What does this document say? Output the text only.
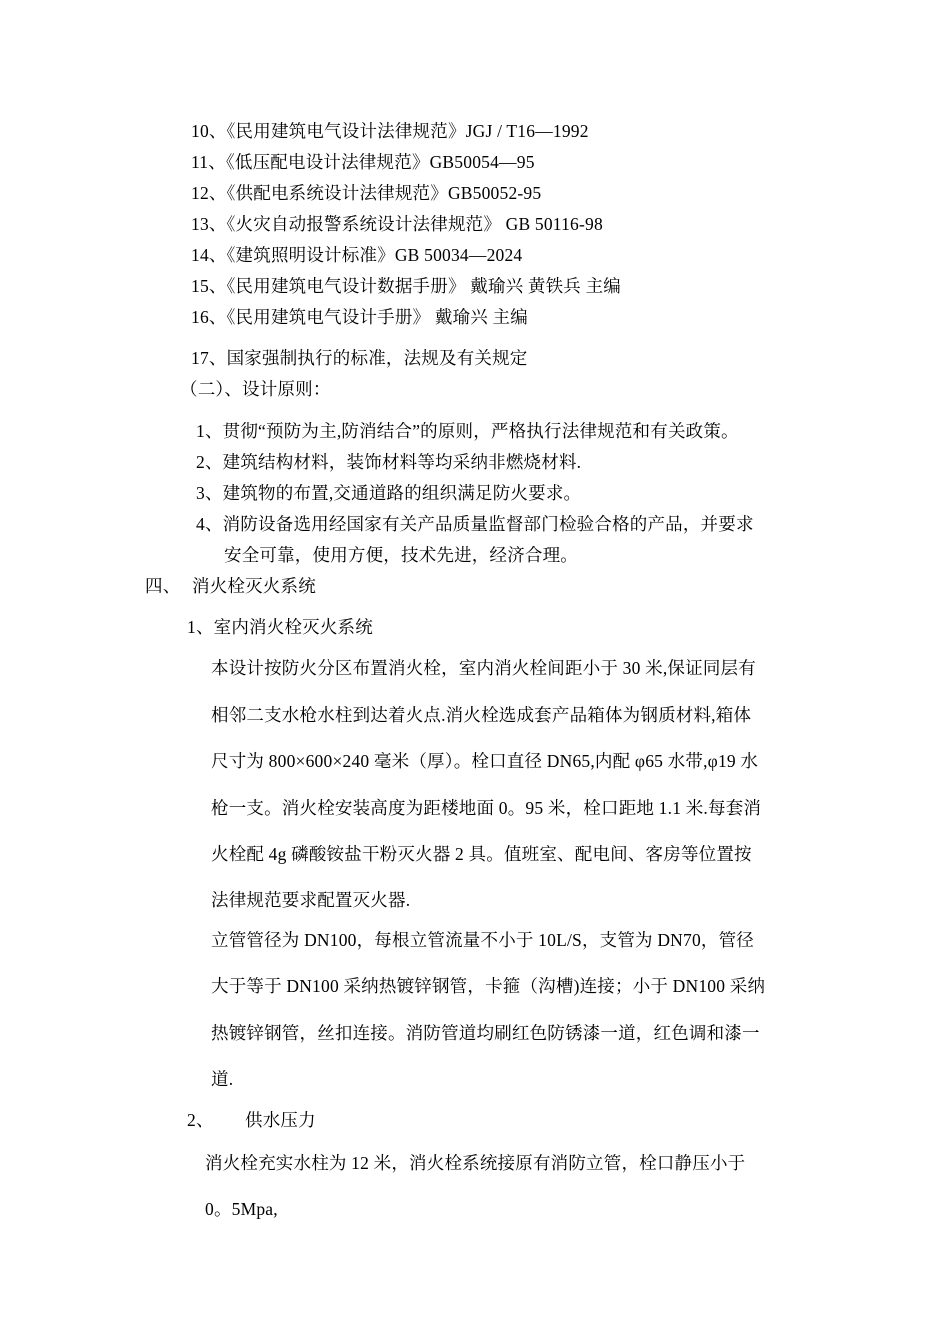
10、《民用建筑电气设计法律规范》JGJ / T16—1992
11、《低压配电设计法律规范》GB50054—95
12、《供配电系统设计法律规范》GB50052-95
13、《火灾自动报警系统设计法律规范》 GB 50116-98
14、《建筑照明设计标准》GB 50034—2024
15、《民用建筑电气设计数据手册》 戴瑜兴 黄铁兵 主编
16、《民用建筑电气设计手册》 戴瑜兴 主编
17、国家强制执行的标准，法规及有关规定
（二）、设计原则：
1、贯彻“预防为主,防消结合”的原则，严格执行法律规范和有关政策。
2、建筑结构材料，装饰材料等均采纳非燃烧材料.
3、建筑物的布置,交通道路的组织满足防火要求。
4、消防设备选用经国家有关产品质量监督部门检验合格的产品，并要求
安全可靠，使用方便，技术先进，经济合理。
四、 消火栓灭火系统
1、室内消火栓灭火系统
本设计按防火分区布置消火栓，室内消火栓间距小于 30 米,保证同层有
相邻二支水枪水柱到达着火点.消火栓选成套产品箱体为钢质材料,箱体
尺寸为 800×600×240 毫米（厚）。栓口直径 DN65,内配 φ65 水带,φ19 水
枪一支。消火栓安装高度为距楼地面 0。95 米，栓口距地 1.1 米.每套消
火栓配 4g 磷酸铵盐干粉灭火器 2 具。值班室、配电间、客房等位置按
法律规范要求配置灭火器.
立管管径为 DN100，每根立管流量不小于 10L/S，支管为 DN70，管径
大于等于 DN100 采纳热镀锌钢管，卡箍（沟槽)连接；小于 DN100 采纳
热镀锌钢管，丝扣连接。消防管道均刷红色防锈漆一道，红色调和漆一
道.
2、 供水压力
消火栓充实水柱为 12 米，消火栓系统接原有消防立管，栓口静压小于
0。5Mpa,
